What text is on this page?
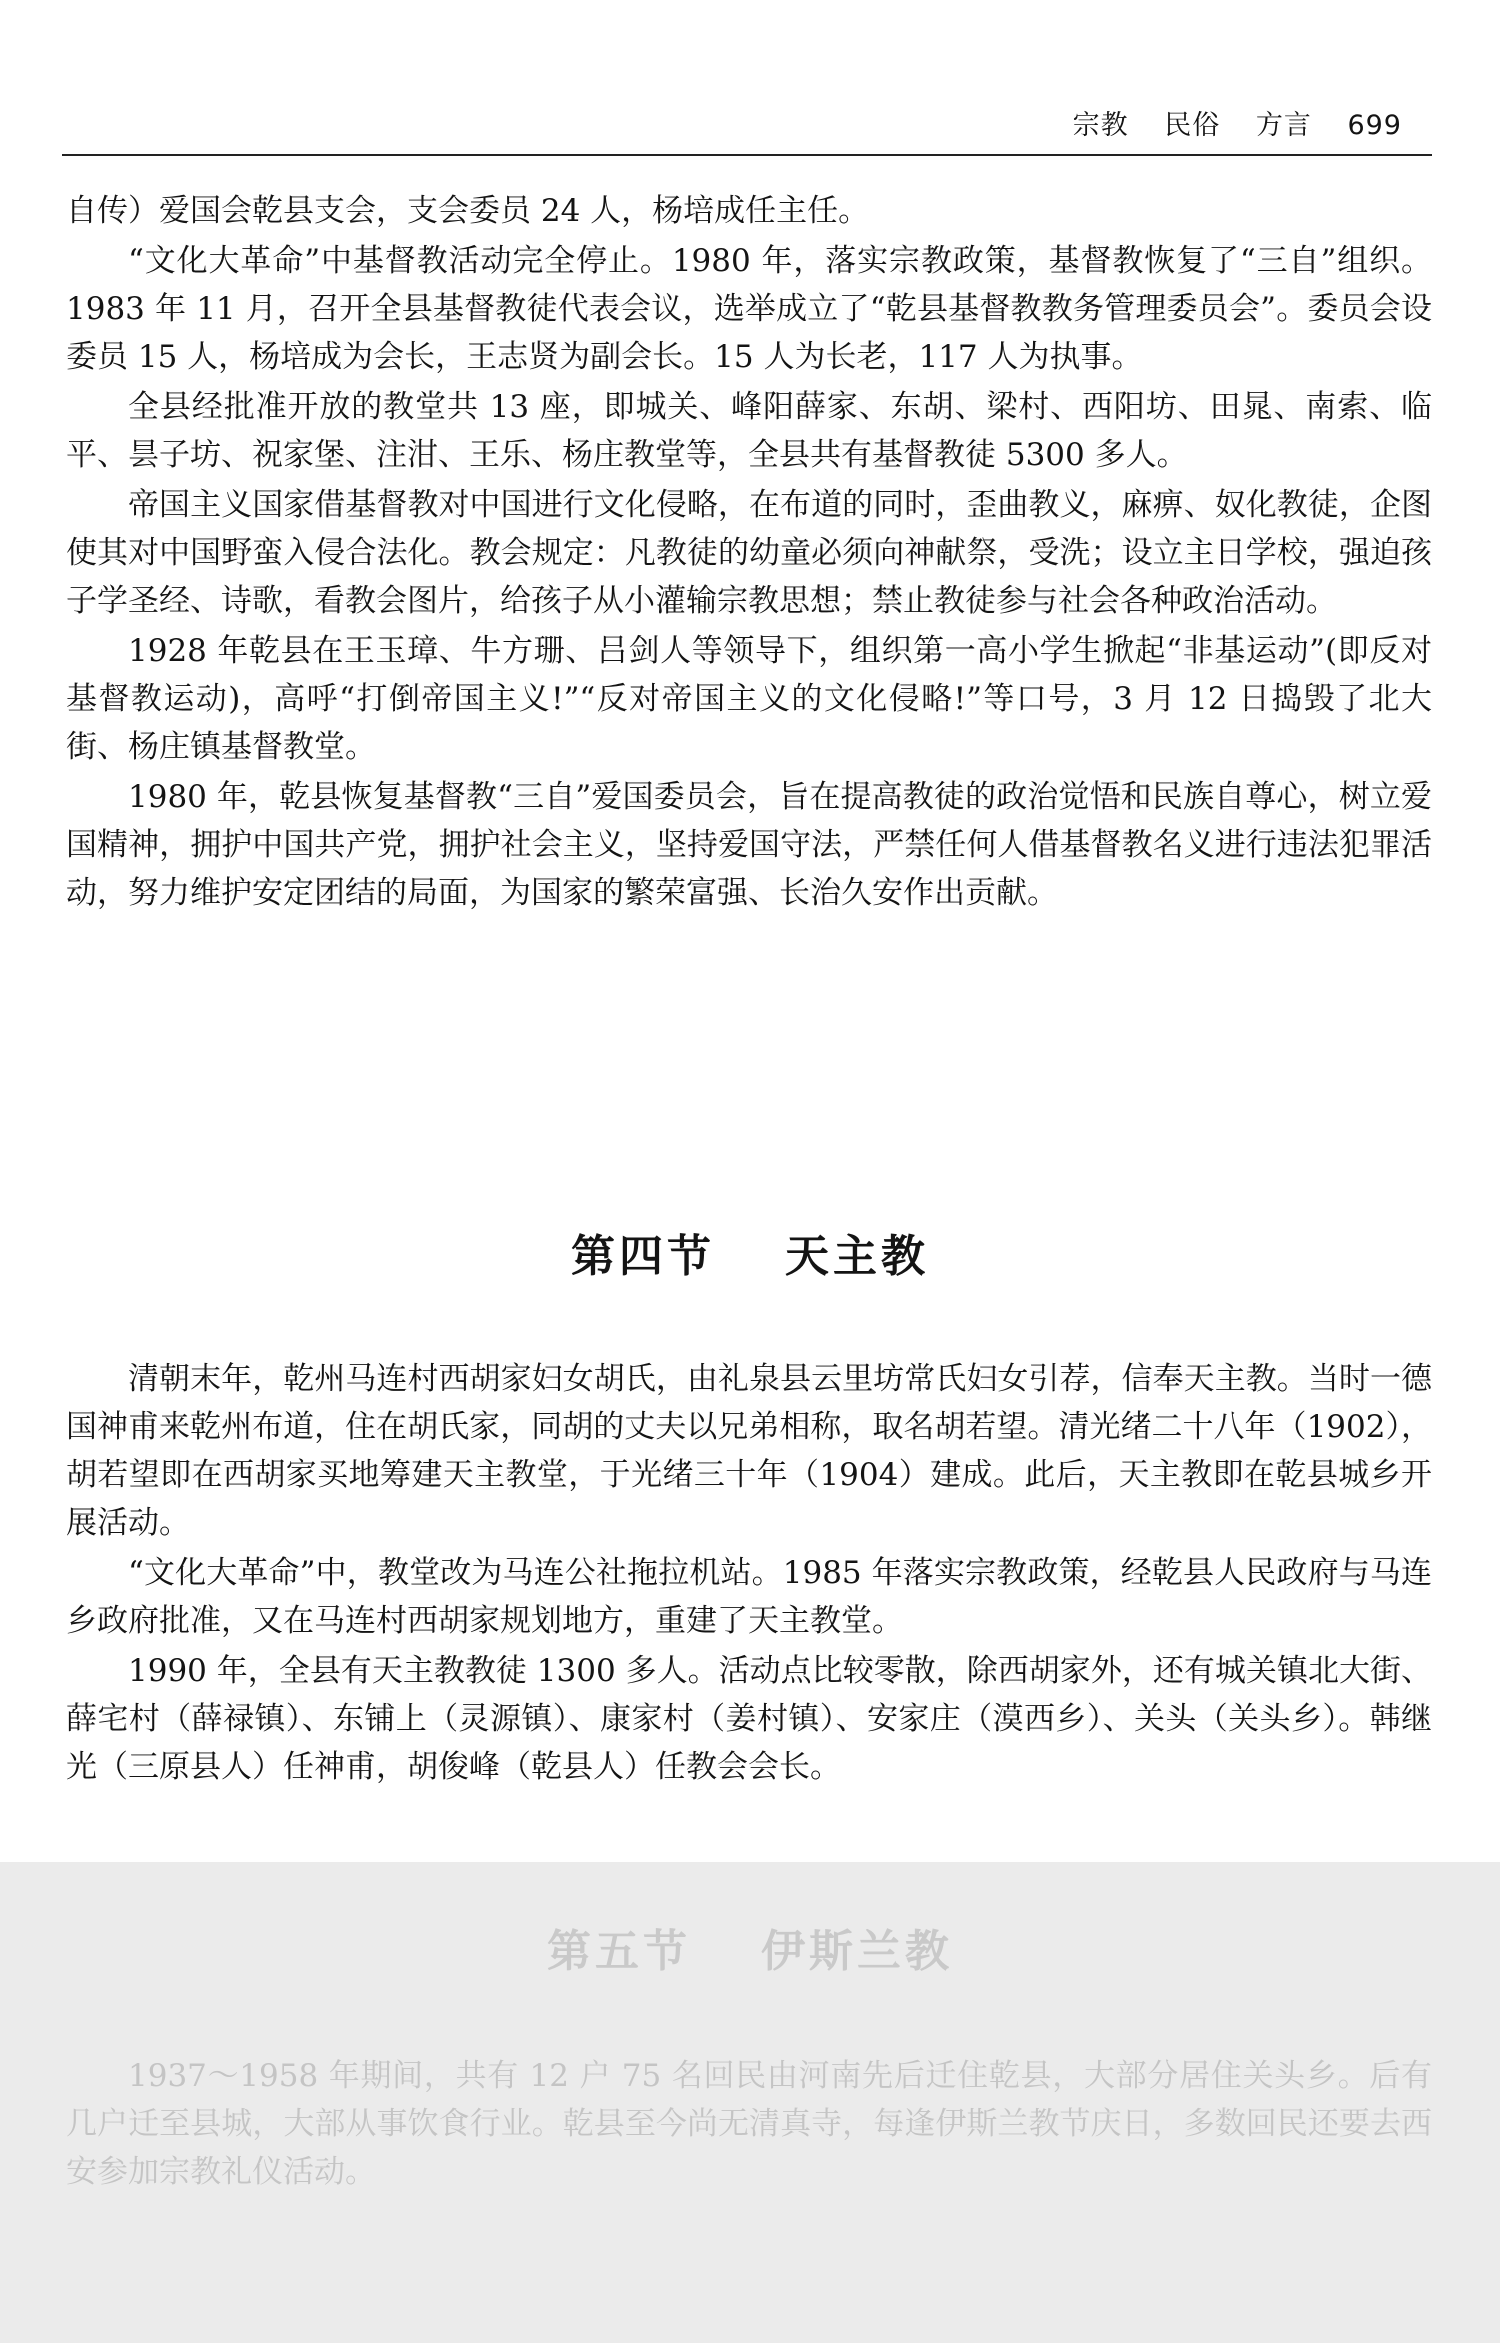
宗教 民俗 方言 699

自传）爱国会乾县支会，支会委员 24 人，杨培成任主任。

“文化大革命”中基督教活动完全停止。1980 年，落实宗教政策，基督教恢复了“三自”组织。1983 年 11 月，召开全县基督教徒代表会议，选举成立了“乾县基督教教务管理委员会”。委员会设委员 15 人，杨培成为会长，王志贤为副会长。15 人为长老，117 人为执事。

全县经批准开放的教堂共 13 座，即城关、峰阳薛家、东胡、梁村、西阳坊、田晁、南索、临平、昙子坊、祝家堡、注泔、王乐、杨庄教堂等，全县共有基督教徒 5300 多人。

帝国主义国家借基督教对中国进行文化侵略，在布道的同时，歪曲教义，麻痹、奴化教徒，企图使其对中国野蛮入侵合法化。教会规定：凡教徒的幼童必须向神献祭，受洗；设立主日学校，强迫孩子学圣经、诗歌，看教会图片，给孩子从小灌输宗教思想；禁止教徒参与社会各种政治活动。

1928 年乾县在王玉璋、牛方珊、吕剑人等领导下，组织第一高小学生掀起“非基运动”(即反对基督教运动)，高呼“打倒帝国主义!”“反对帝国主义的文化侵略!”等口号，3 月 12 日捣毁了北大街、杨庄镇基督教堂。

1980 年，乾县恢复基督教“三自”爱国委员会，旨在提高教徒的政治觉悟和民族自尊心，树立爱国精神，拥护中国共产党，拥护社会主义，坚持爱国守法，严禁任何人借基督教名义进行违法犯罪活动，努力维护安定团结的局面，为国家的繁荣富强、长治久安作出贡献。

第四节 天主教

清朝末年，乾州马连村西胡家妇女胡氏，由礼泉县云里坊常氏妇女引荐，信奉天主教。当时一德国神甫来乾州布道，住在胡氏家，同胡的丈夫以兄弟相称，取名胡若望。清光绪二十八年（1902），胡若望即在西胡家买地筹建天主教堂，于光绪三十年（1904）建成。此后，天主教即在乾县城乡开展活动。

“文化大革命”中，教堂改为马连公社拖拉机站。1985 年落实宗教政策，经乾县人民政府与马连乡政府批准，又在马连村西胡家规划地方，重建了天主教堂。

1990 年，全县有天主教教徒 1300 多人。活动点比较零散，除西胡家外，还有城关镇北大街、薛宅村（薛禄镇）、东铺上（灵源镇）、康家村（姜村镇）、安家庄（漠西乡）、关头（关头乡）。韩继光（三原县人）任神甫，胡俊峰（乾县人）任教会会长。

第五节 伊斯兰教

1937～1958 年期间，共有 12 户 75 名回民由河南先后迁住乾县，大部分居住关头乡。后有几户迁至县城，大部从事饮食行业。乾县至今尚无清真寺，每逢伊斯兰教节庆日，多数回民还要去西安参加宗教礼仪活动。
